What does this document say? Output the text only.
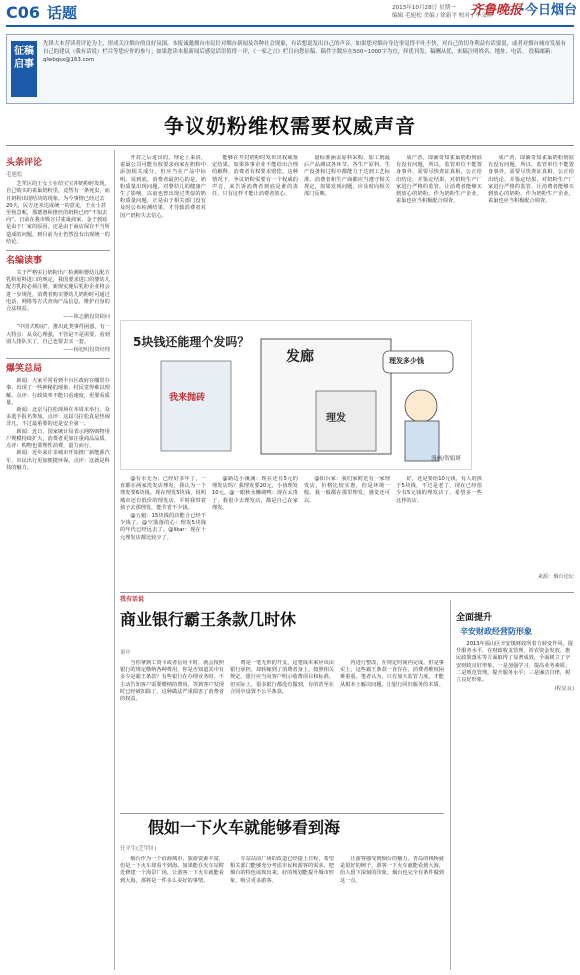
C06 话题	2013年10月28日 星期一
编辑 毛旭松 美编 / 徐新平 校对 / 李义晖
齐鲁晚报
·今日烟台
征稿启事
先锋大本营读者评论为主，形成关注烟台的良好氛围，本报诚邀烟台市民针对烟台新闻及各种社会现象，有话想说发出自己的声音。如果您对烟台身边事觉得不吐不快，对自己的切身利益有话要说，或者对烟台城市发展有自己的建议（我有话说）栏目等您应你的参与；如果您读本报新闻后感觉话语值得一评，《一家之言》栏目向您征稿。稿件字数应在500~1000字为宜，择优刊发，稿酬从优，来稿注明姓名、地址、电话。 投稿邮箱：qlwbqsx@163.com
争议奶粉维权需要权威声音
头条评论
毛旭松
芝罘区的王女士在给宝宝冲奶粉时发现，自己购买的雀巢奶粉里，竟然有一条死虫，而且奶粉出现结块的现象。为今事情已经过去20天，民方还未达成统一的意见，王女士甚至焦急呢，那德惠和推丝的奶粉已经“不知去向”。日前在我市吸宣讨雀巢商家，金于到底是由于厂家的原因，还是由于商店保存不当所造成的问题，到目前为止仍然没有出现统一的结论。
名编读事
关于严格实行奶粉出厂检测和婴幼儿配方乳粉原料进口的规定，我国要求进口的婴幼儿配方乳粉必须注册。新规实施后乳粉企业将会进一步规范，消费者购买婴幼儿奶粉时可通过电话、网络等方式查询产品信息，维护自身的合法权益。
——陈志鹏投资顾问
“中国式购房”，推出此类事件困惑，有一大特点：从众心理强，不管是不是需要，看到别人排队买了，自己也要去买一套。
——杨旭明投资经理
爆笑总局
新闻：大家平常看到丰台区政府在哪里办事，出现了一些神秘的现象，村民觉得难以理解。点评：行政效率不能只看速度，更要看质量。
新闻：北京马拉松现场在本周末举行，众多选手报名参加。点评：这届马拉松真是热闹非凡，不过最重要的还是安全第一。
新闻：近日，国家统计局表示网络购物用户规模持续扩大，消费者更加注重商品品质。点评：购物也要理性消费，量力而行。
新闻：近年来许多城市开始推广新能源汽车，市民出行更加便捷环保。点评：这就是科技的魅力。

开封之后进出的，理论上来讲，雀巢公司可能有权要求商家在奶粉中添加相关成分，但应当在产品中标明。说到底，消费者最担心的是，奶粉质量出现问题，对婴幼儿的健康产生了影响。以前也曾出现过类似的奶粉质量问题，正是由于相关部门没有及时公布检测结果，才导致消费者对国产奶粉失去信心。

能够在开封奶粉时发布出权威鉴定结果。如果涉事企业不能给出合理的解释，消费者有权要求赔偿。这种情况下，争议奶粉需要有一个权威的声音，来告诉消费者到底是谁的责任，只有这样才能让消费者放心。

量标准涵盖原料采购、加工到最后产品测试各环节，各生产原料、生产设备和过程中都能力于达到工艺标准。消费者和生产商都应当遵守相关规定，如果发现问题，应及时向相关部门反映。

成产者，即铺奇知雀巢奶粉到底有没有问题，所以，监管单位不能置身事外，需要尽快查证真相，公正给出结论，并鉴定结果，对奶粉生产厂家进行严格的监管，让消费者能够买到放心的奶粉。作为奶粉生产企业，雀巢也应当积极配合调查。

成产者，即铺奇知雀巢奶粉到底有没有问题，所以，监管单位不能置身事外，需要尽快查证真相，公正给出结论，并鉴定结果，对奶粉生产厂家进行严格的监管，让消费者能够买到放心的奶粉。作为奶粉生产企业，雀巢也应当积极配合调查。

5块钱还能理个发吗？
发廊	理发多少钱
理发
我来抛砖
漫画/贺娟妍

@有水无为：已经好多年了，一直都在两家洗发店理发，我认为一个理发要6块钱。现在理发5块钱，说明城市还有低价的理发店，平时我带着孩子去那理发，能节省不少钱。

@五魁：15块钱的店能合已经不少钱了。@空落落的心：理发5块钱的年代已经远去了。@likar：现在十元理发店都比较少了。

@路边小溪溪：现在还有5元的理发店吗？我理发要20元，小孩理发10元。@一眼秋水懒调鸭：现在太贵了，我很少去理发店，都是自己在家理发。

@阳台家：我们家附近有一家理发店，价格比较实惠，但是环境一般。我一般都在那里理发，感觉还可以。

好，还是要给10元钱，有人的孩子5块钱，不过是老了，现在已经很少有5元钱的理发店了，希望多一些这样的店。

来源：烟台论坛
我有话说
商业银行霸王条款几时休
童中

当你拿到工资卡或者信用卡时，就会按照银行的规定缴纳各种费用，你是否知道其中有多少是霸王条款？有些银行在办理业务时，不主动告知客户需要缴纳的费用，等到客户发现时已经被扣除了。这种做法严重损害了消费者的权益。

费是一笔无形的开支，这笔钱本来应该由银行承担，却转嫁到了消费者身上。按照相关规定，银行应当向客户明示收费项目和标准。但实际上，很多银行都没有做到，有的甚至在合同中设置不公平条款。

内进行整改，在规定时间内完成。但是事实上，这些霸王条款一直存在，消费者维权困难重重。笔者认为，只有加大监管力度，才能从根本上解决问题，让银行回归服务的本质。

假如一下火车就能够看到海
任平生(芝罘区)

烟台作为一个沿海城市，旅游资源丰富，但是一下火车却看不到海。如果能在火车站附近修建一个海景广场，让游客一下火车就能看到大海，那将是一件多么美好的事情。

车站站前广场的改造已经提上日程，希望相关部门能够充分考虑市民和游客的需求，把烟台的特色展现出来。好的规划能提升城市形象，吸引更多游客。

让游客感受到烟台的魅力。青岛的栈桥就是很好的例子，游客一下火车就能看到大海，给人留下深刻的印象。烟台也完全有条件做到这一点。

全面提升
辛安财政经营防形象
2013年福山区辛安镇财政所着力转变作风，提升服务水平，在财政收支管理、涉农资金发放、惠民政策落实等方面取得了显著成效，全面树立了辛安财政良好形象。一是加强学习，提高业务素质；二是规范管理，提升服务水平；三是廉洁自律，树立良好形象。
(程显良)
